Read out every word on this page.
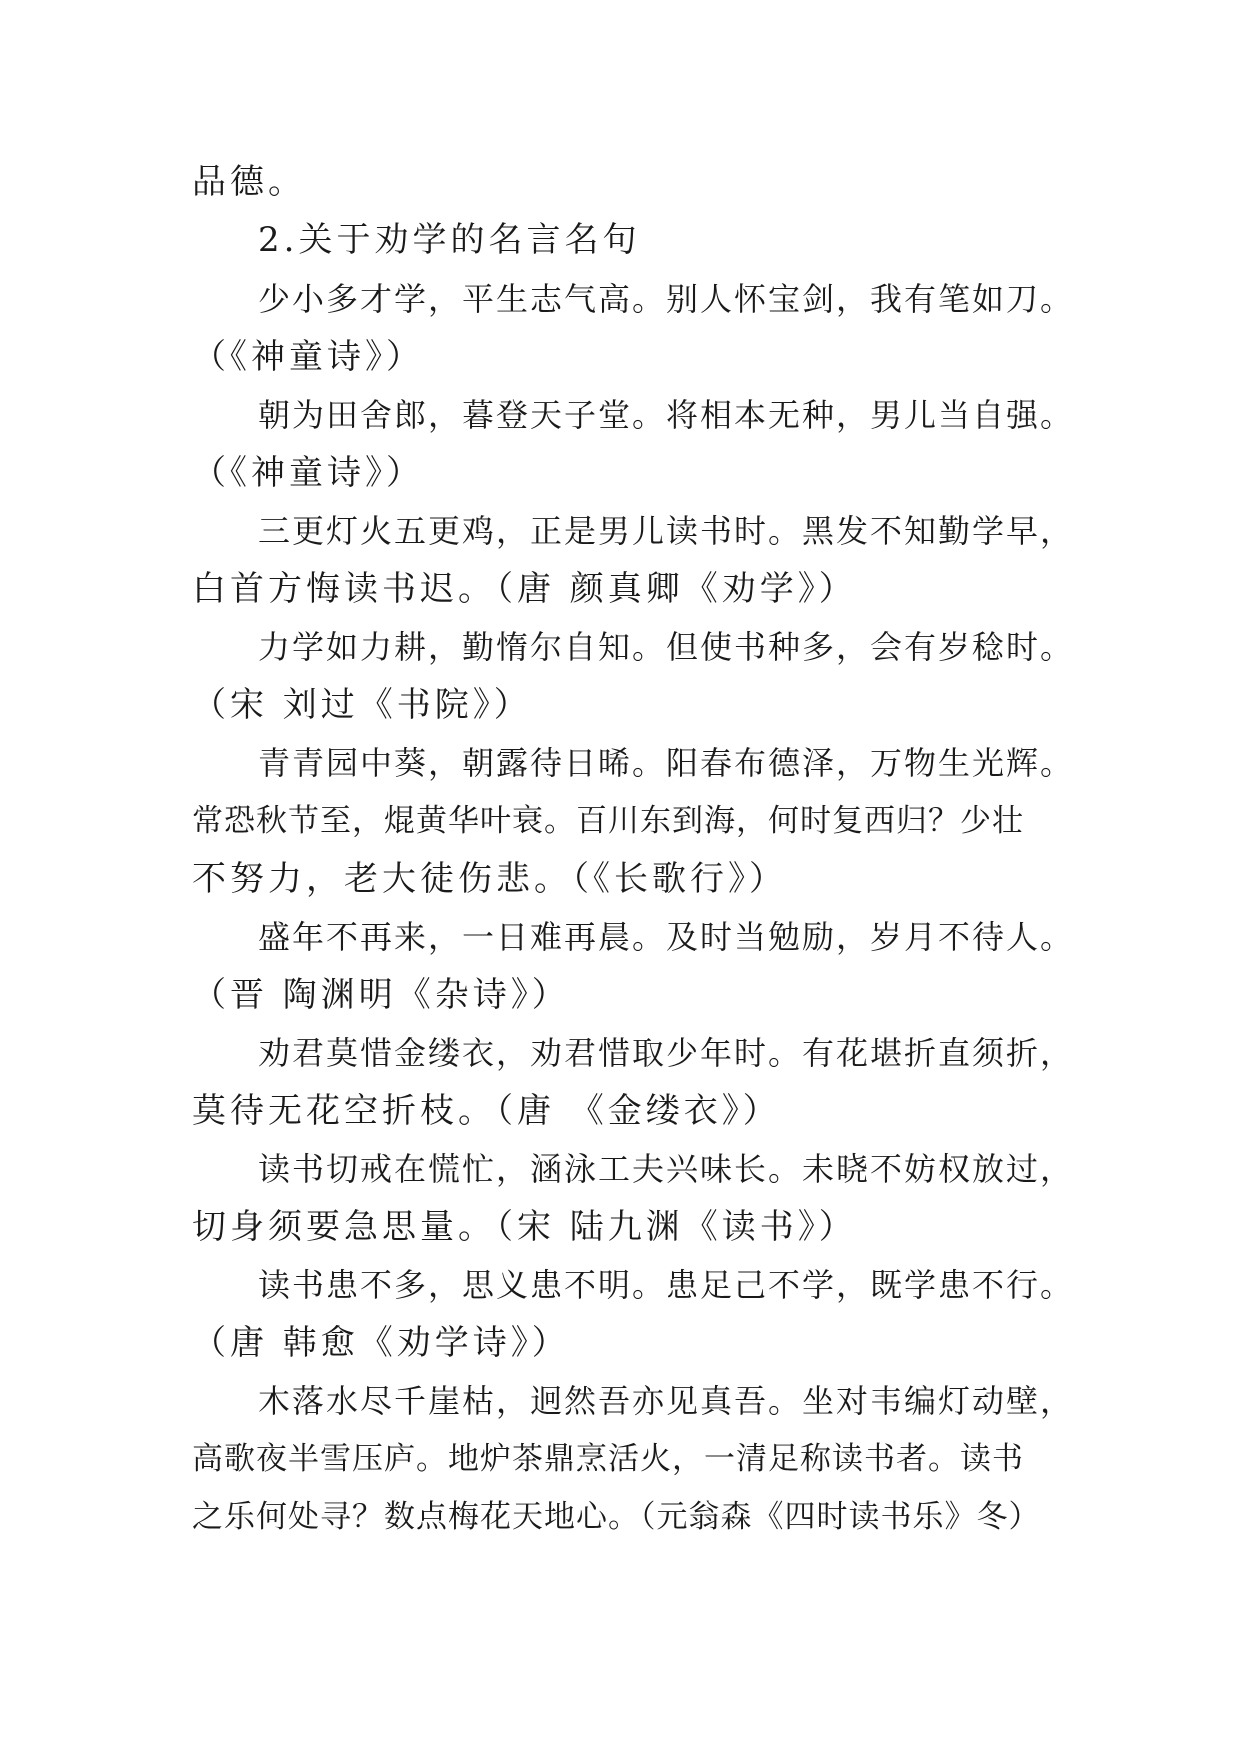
品德。
2.关于劝学的名言名句
少小多才学，平生志气高。别人怀宝剑，我有笔如刀。
（《神童诗》）
朝为田舍郎，暮登天子堂。将相本无种，男儿当自强。
（《神童诗》）
三更灯火五更鸡，正是男儿读书时。黑发不知勤学早，
白首方悔读书迟。（唐 颜真卿《劝学》）
力学如力耕，勤惰尔自知。但使书种多，会有岁稔时。
（宋 刘过《书院》）
青青园中葵，朝露待日晞。阳春布德泽，万物生光辉。
常恐秋节至，焜黄华叶衰。百川东到海，何时复西归？少壮
不努力，老大徒伤悲。（《长歌行》）
盛年不再来，一日难再晨。及时当勉励，岁月不待人。
（晋 陶渊明《杂诗》）
劝君莫惜金缕衣，劝君惜取少年时。有花堪折直须折，
莫待无花空折枝。（唐 《金缕衣》）
读书切戒在慌忙，涵泳工夫兴味长。未晓不妨权放过，
切身须要急思量。（宋 陆九渊《读书》）
读书患不多，思义患不明。患足己不学，既学患不行。
（唐 韩愈《劝学诗》）
木落水尽千崖枯，迥然吾亦见真吾。坐对韦编灯动壁，
高歌夜半雪压庐。地炉茶鼎烹活火，一清足称读书者。读书
之乐何处寻？数点梅花天地心。（元翁森《四时读书乐》冬）
